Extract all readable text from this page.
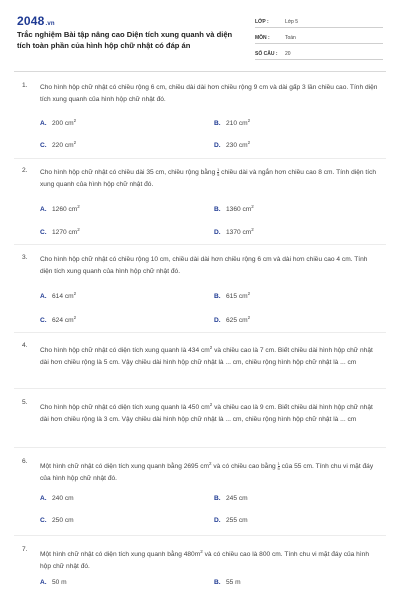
2048.vn
Trắc nghiệm Bài tập nâng cao Diện tích xung quanh và diện tích toàn phần của hình hộp chữ nhật có đáp án
LỚP :	Lớp 5
MÔN :	Toán
SỐ CÂU :	20
1. Cho hình hộp chữ nhật có chiều rộng 6 cm, chiều dài dài hơn chiều rộng 9 cm và dài gấp 3 lần chiều cao. Tính diện tích xung quanh của hình hộp chữ nhật đó.
A. 200 $cm^2$	B. 210 $cm^2$
C. 220 $cm^2$	D. 230 $cm^2$
2. Cho hình hộp chữ nhật có chiều dài 35 cm, chiều rộng bằng $\frac{1}{5}$ chiều dài và ngắn hơn chiều cao 8 cm. Tính diện tích xung quanh của hình hộp chữ nhật đó.
A. 1260 $cm^2$	B. 1360 $cm^2$
C. 1270 $cm^2$	D. 1370 $cm^2$
3. Cho hình hộp chữ nhật có chiều rộng 10 cm, chiều dài dài hơn chiều rộng 6 cm và dài hơn chiều cao 4 cm. Tính diện tích xung quanh của hình hộp chữ nhật đó.
A. 614 $cm^2$	B. 615 $cm^2$
C. 624 $cm^2$	D. 625 $cm^2$
4.
Cho hình hộp chữ nhật có diện tích xung quanh là 434 $cm^2$ và chiều cao là 7 cm. Biết chiều dài hình hộp chữ nhật dài hơn chiều rộng là 5 cm. Vậy chiều dài hình hộp chữ nhật là ... cm, chiều rộng hình hộp chữ nhật là ... cm
5.
Cho hình hộp chữ nhật có diện tích xung quanh là 450 $cm^2$ và chiều cao là 9 cm. Biết chiều dài hình hộp chữ nhật dài hơn chiều rộng là 3 cm. Vậy chiều dài hình hộp chữ nhật là ... cm, chiều rộng hình hộp chữ nhật là ... cm
6.
Một hình chữ nhật có diện tích xung quanh bằng 2695 $cm^2$ và có chiều cao bằng $\frac{1}{5}$ của 55 cm. Tính chu vi mặt đáy của hình hộp chữ nhật đó.
A. 240 cm	B. 245 cm
C. 250 cm	D. 255 cm
7.
Một hình chữ nhật có diện tích xung quanh bằng $480m^2$ và có chiều cao là 800 cm. Tính chu vi mặt đáy của hình hộp chữ nhật đó.
A. 50 m	B. 55 m
